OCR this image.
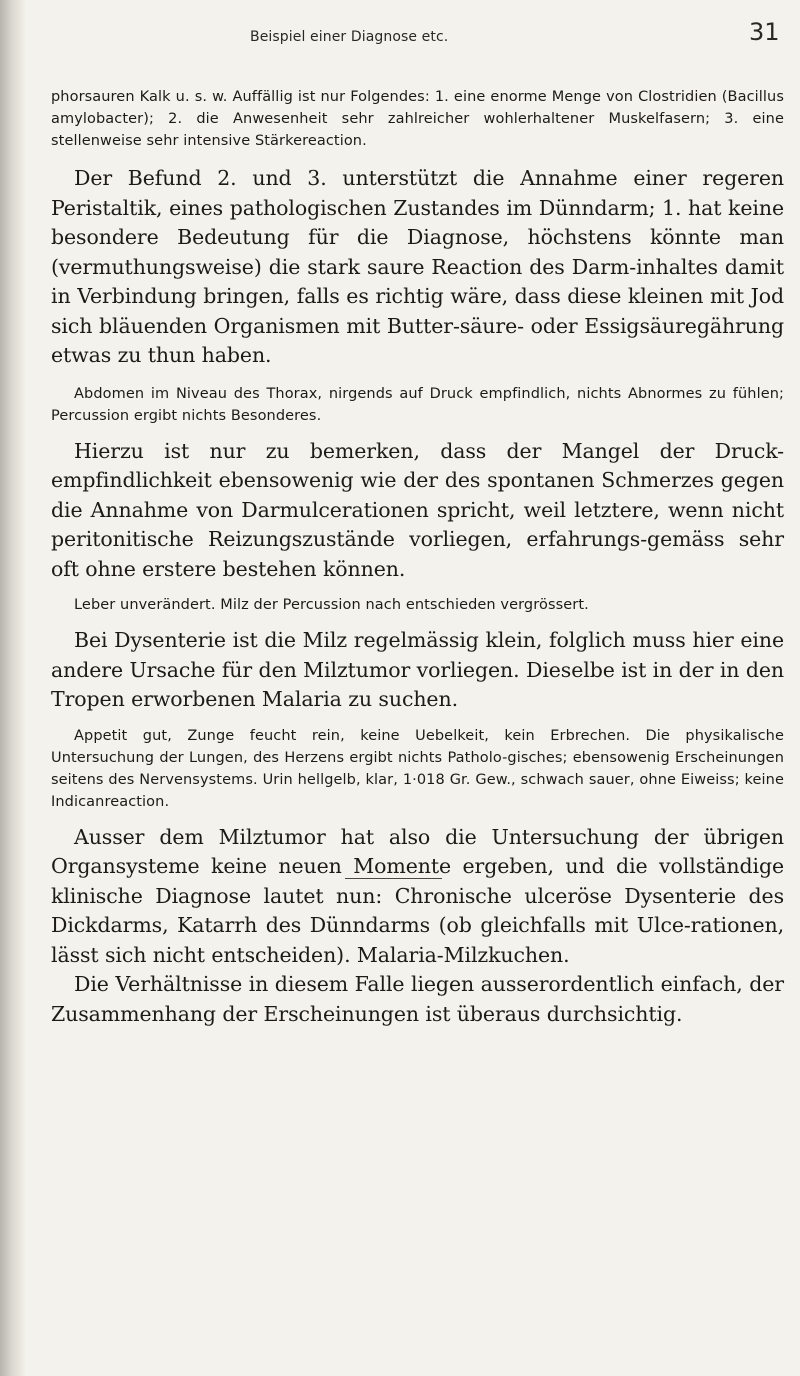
Beispiel einer Diagnose etc.	31

phorsauren Kalk u. s. w. Auffällig ist nur Folgendes: 1. eine enorme Menge von Clostridien (Bacillus amylobacter); 2. die Anwesenheit sehr zahlreicher wohlerhaltener Muskelfasern; 3. eine stellenweise sehr intensive Stärkereaction.

Der Befund 2. und 3. unterstützt die Annahme einer regeren Peristaltik, eines pathologischen Zustandes im Dünndarm; 1. hat keine besondere Bedeutung für die Diagnose, höchstens könnte man (vermuthungsweise) die stark saure Reaction des Darm-inhaltes damit in Verbindung bringen, falls es richtig wäre, dass diese kleinen mit Jod sich bläuenden Organismen mit Butter-säure- oder Essigsäuregährung etwas zu thun haben.

Abdomen im Niveau des Thorax, nirgends auf Druck empfindlich, nichts Abnormes zu fühlen; Percussion ergibt nichts Besonderes.

Hierzu ist nur zu bemerken, dass der Mangel der Druck-empfindlichkeit ebensowenig wie der des spontanen Schmerzes gegen die Annahme von Darmulcerationen spricht, weil letztere, wenn nicht peritonitische Reizungszustände vorliegen, erfahrungs-gemäss sehr oft ohne erstere bestehen können.

Leber unverändert. Milz der Percussion nach entschieden vergrössert.

Bei Dysenterie ist die Milz regelmässig klein, folglich muss hier eine andere Ursache für den Milztumor vorliegen. Dieselbe ist in der in den Tropen erworbenen Malaria zu suchen.

Appetit gut, Zunge feucht rein, keine Uebelkeit, kein Erbrechen. Die physikalische Untersuchung der Lungen, des Herzens ergibt nichts Patholo-gisches; ebensowenig Erscheinungen seitens des Nervensystems. Urin hellgelb, klar, 1·018 Gr. Gew., schwach sauer, ohne Eiweiss; keine Indicanreaction.

Ausser dem Milztumor hat also die Untersuchung der übrigen Organsysteme keine neuen Momente ergeben, und die vollständige klinische Diagnose lautet nun: Chronische ulceröse Dysenterie des Dickdarms, Katarrh des Dünndarms (ob gleichfalls mit Ulce-rationen, lässt sich nicht entscheiden). Malaria-Milzkuchen.

Die Verhältnisse in diesem Falle liegen ausserordentlich einfach, der Zusammenhang der Erscheinungen ist überaus durchsichtig.
